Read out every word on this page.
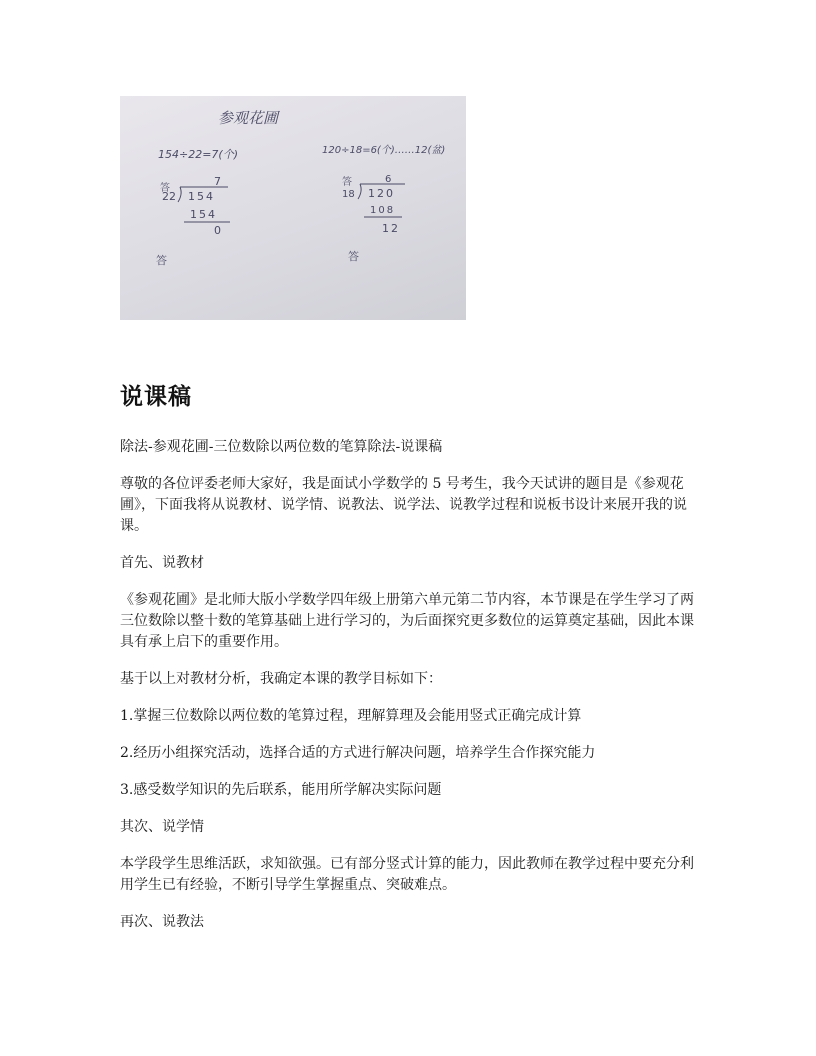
参观花圃
154÷22=7(个)	120÷18=6(个)……12(盆)
答
7
22 154
154
0
答
答	6
18 120
108
12
答
说课稿

除法-参观花圃-三位数除以两位数的笔算除法-说课稿

尊敬的各位评委老师大家好，我是面试小学数学的 5 号考生，我今天试讲的题目是《参观花圃》，下面我将从说教材、说学情、说教法、说学法、说教学过程和说板书设计来展开我的说课。

首先、说教材

《参观花圃》是北师大版小学数学四年级上册第六单元第二节内容，本节课是在学生学习了两三位数除以整十数的笔算基础上进行学习的，为后面探究更多数位的运算奠定基础，因此本课具有承上启下的重要作用。

基于以上对教材分析，我确定本课的教学目标如下：

1.掌握三位数除以两位数的笔算过程，理解算理及会能用竖式正确完成计算

2.经历小组探究活动，选择合适的方式进行解决问题，培养学生合作探究能力

3.感受数学知识的先后联系，能用所学解决实际问题

其次、说学情

本学段学生思维活跃，求知欲强。已有部分竖式计算的能力，因此教师在教学过程中要充分利用学生已有经验，不断引导学生掌握重点、突破难点。

再次、说教法
